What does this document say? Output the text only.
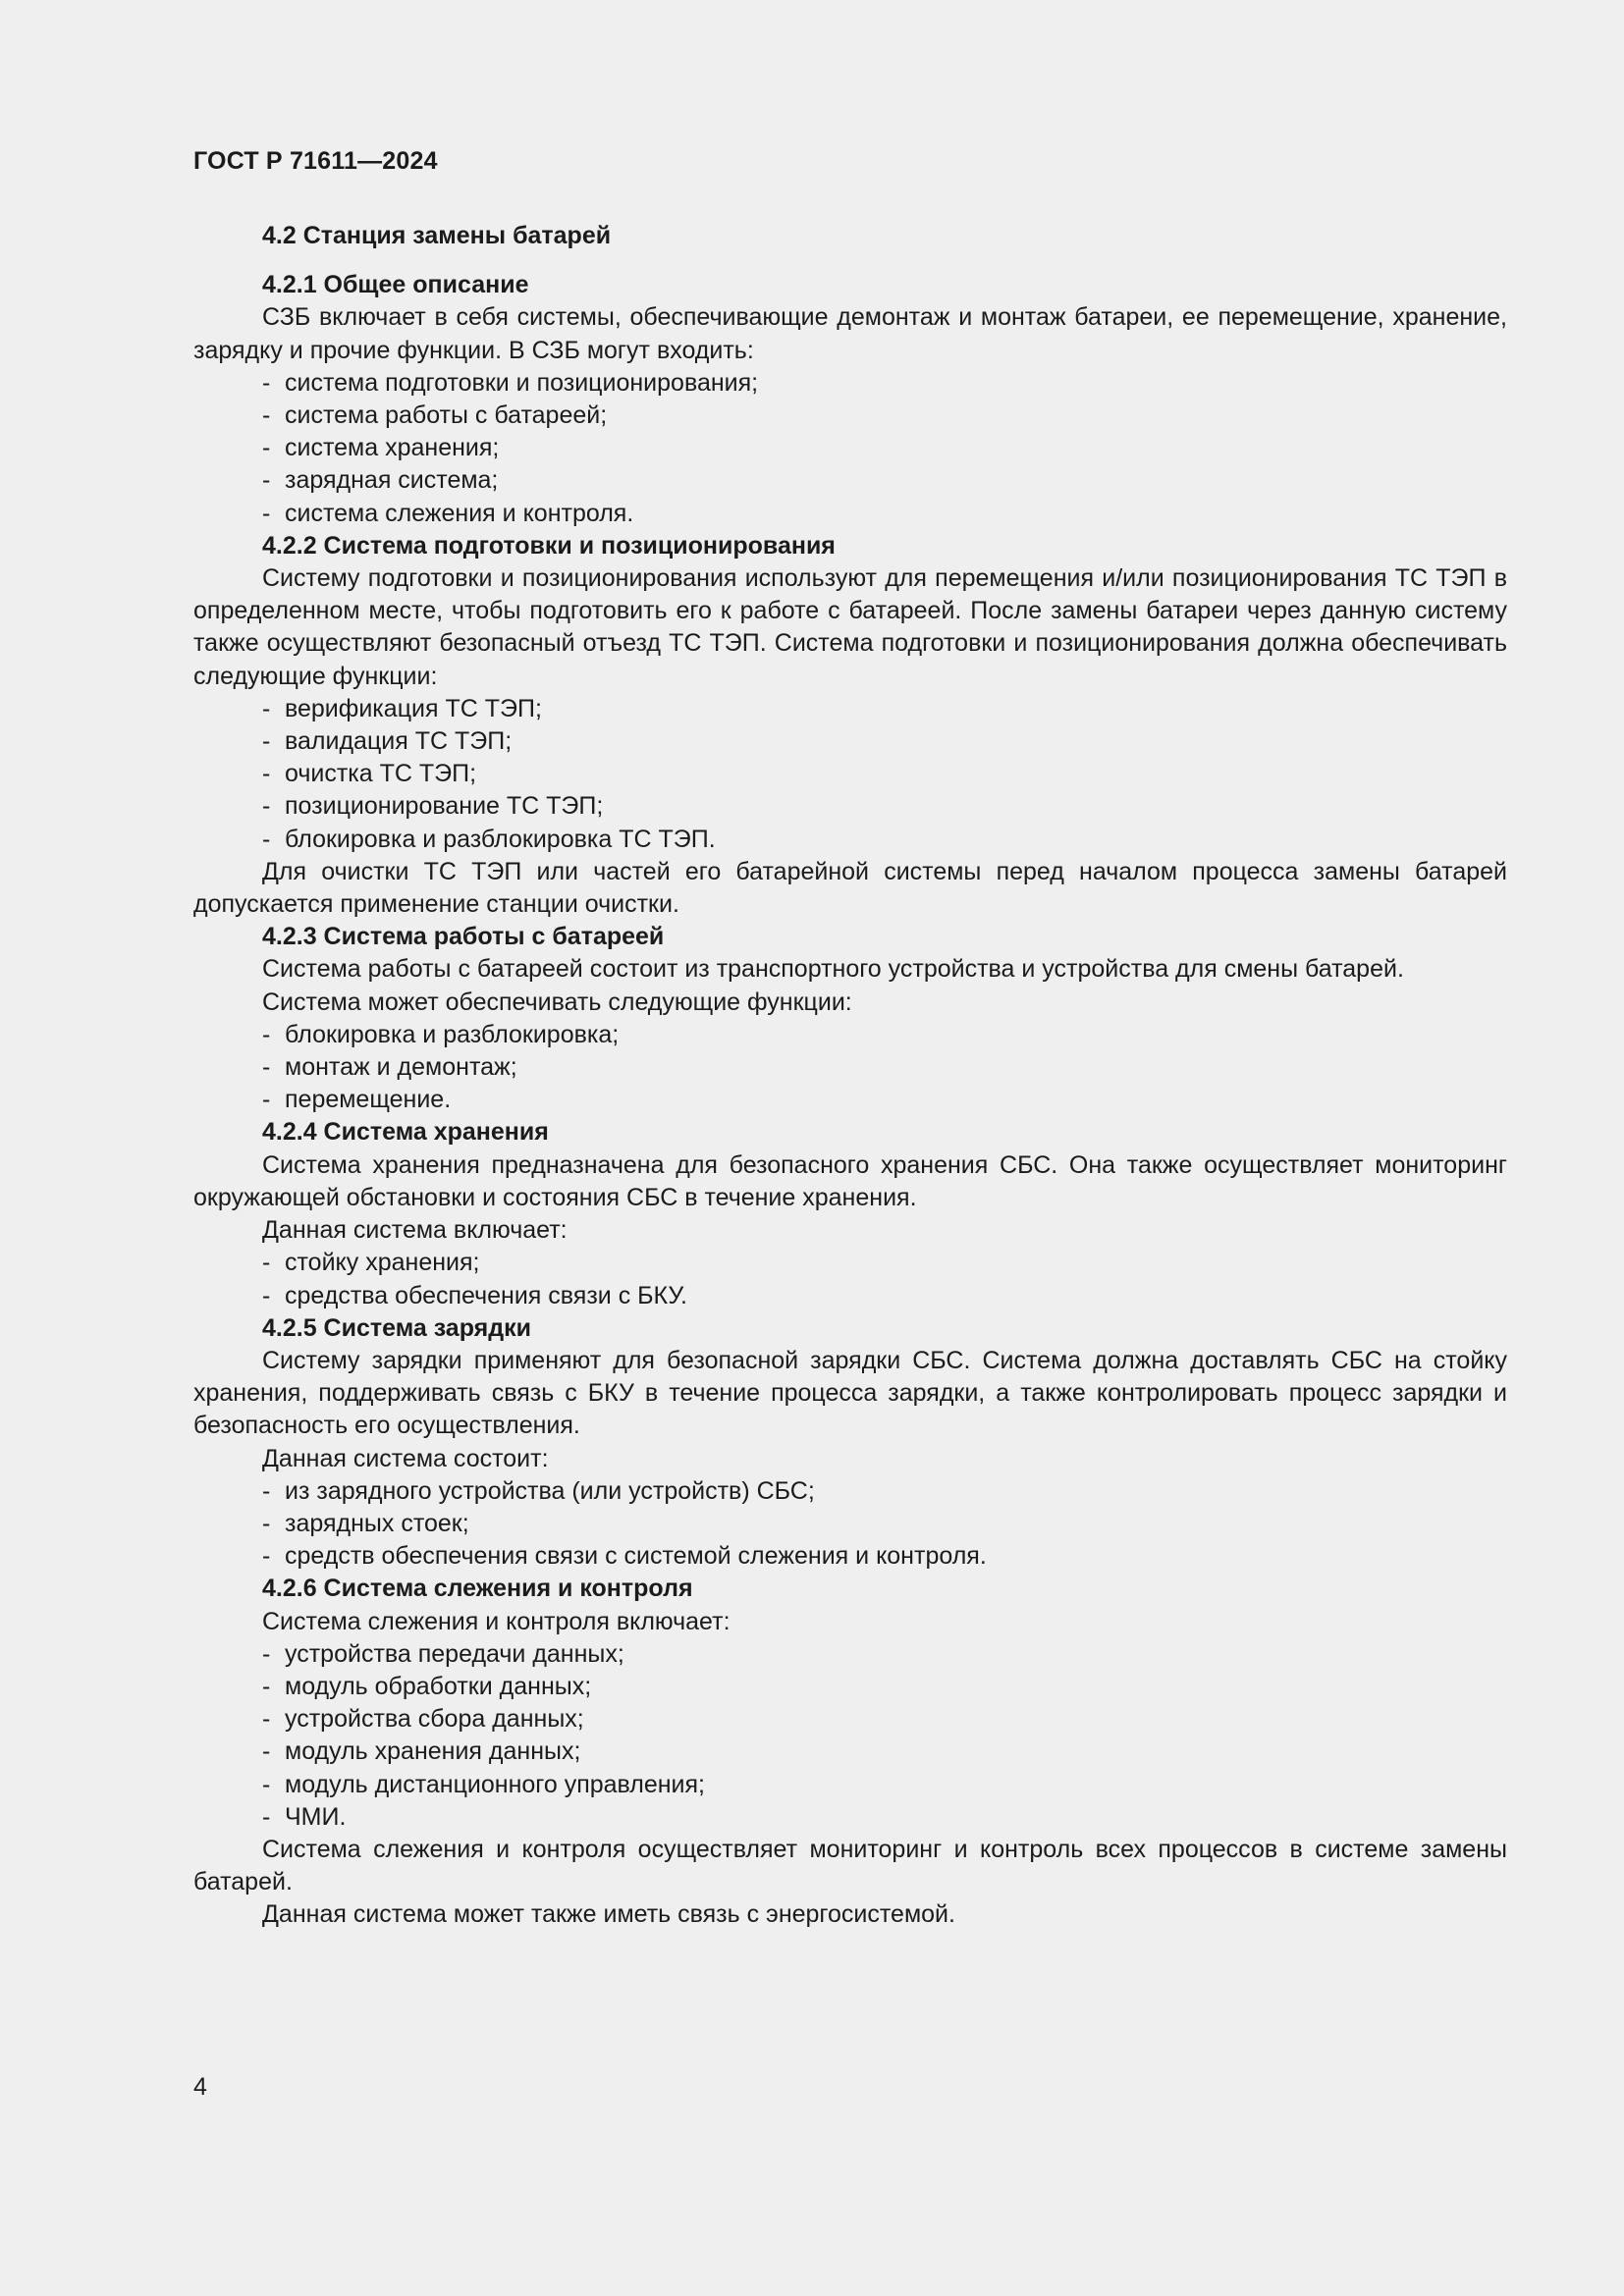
ГОСТ Р 71611—2024

4.2 Станция замены батарей

4.2.1 Общее описание

СЗБ включает в себя системы, обеспечивающие демонтаж и монтаж батареи, ее перемещение, хранение, зарядку и прочие функции. В СЗБ могут входить:

- система подготовки и позиционирования;
- система работы с батареей;
- система хранения;
- зарядная система;
- система слежения и контроля.

4.2.2 Система подготовки и позиционирования

Систему подготовки и позиционирования используют для перемещения и/или позиционирования ТС ТЭП в определенном месте, чтобы подготовить его к работе с батареей. После замены батареи через данную систему также осуществляют безопасный отъезд ТС ТЭП. Система подготовки и позиционирования должна обеспечивать следующие функции:

- верификация ТС ТЭП;
- валидация ТС ТЭП;
- очистка ТС ТЭП;
- позиционирование ТС ТЭП;
- блокировка и разблокировка ТС ТЭП.

Для очистки ТС ТЭП или частей его батарейной системы перед началом процесса замены батарей допускается применение станции очистки.

4.2.3 Система работы с батареей

Система работы с батареей состоит из транспортного устройства и устройства для смены батарей.

Система может обеспечивать следующие функции:

- блокировка и разблокировка;
- монтаж и демонтаж;
- перемещение.

4.2.4 Система хранения

Система хранения предназначена для безопасного хранения СБС. Она также осуществляет мониторинг окружающей обстановки и состояния СБС в течение хранения.

Данная система включает:

- стойку хранения;
- средства обеспечения связи с БКУ.

4.2.5 Система зарядки

Систему зарядки применяют для безопасной зарядки СБС. Система должна доставлять СБС на стойку хранения, поддерживать связь с БКУ в течение процесса зарядки, а также контролировать процесс зарядки и безопасность его осуществления.

Данная система состоит:

- из зарядного устройства (или устройств) СБС;
- зарядных стоек;
- средств обеспечения связи с системой слежения и контроля.

4.2.6 Система слежения и контроля

Система слежения и контроля включает:

- устройства передачи данных;
- модуль обработки данных;
- устройства сбора данных;
- модуль хранения данных;
- модуль дистанционного управления;
- ЧМИ.

Система слежения и контроля осуществляет мониторинг и контроль всех процессов в системе замены батарей.

Данная система может также иметь связь с энергосистемой.

4
